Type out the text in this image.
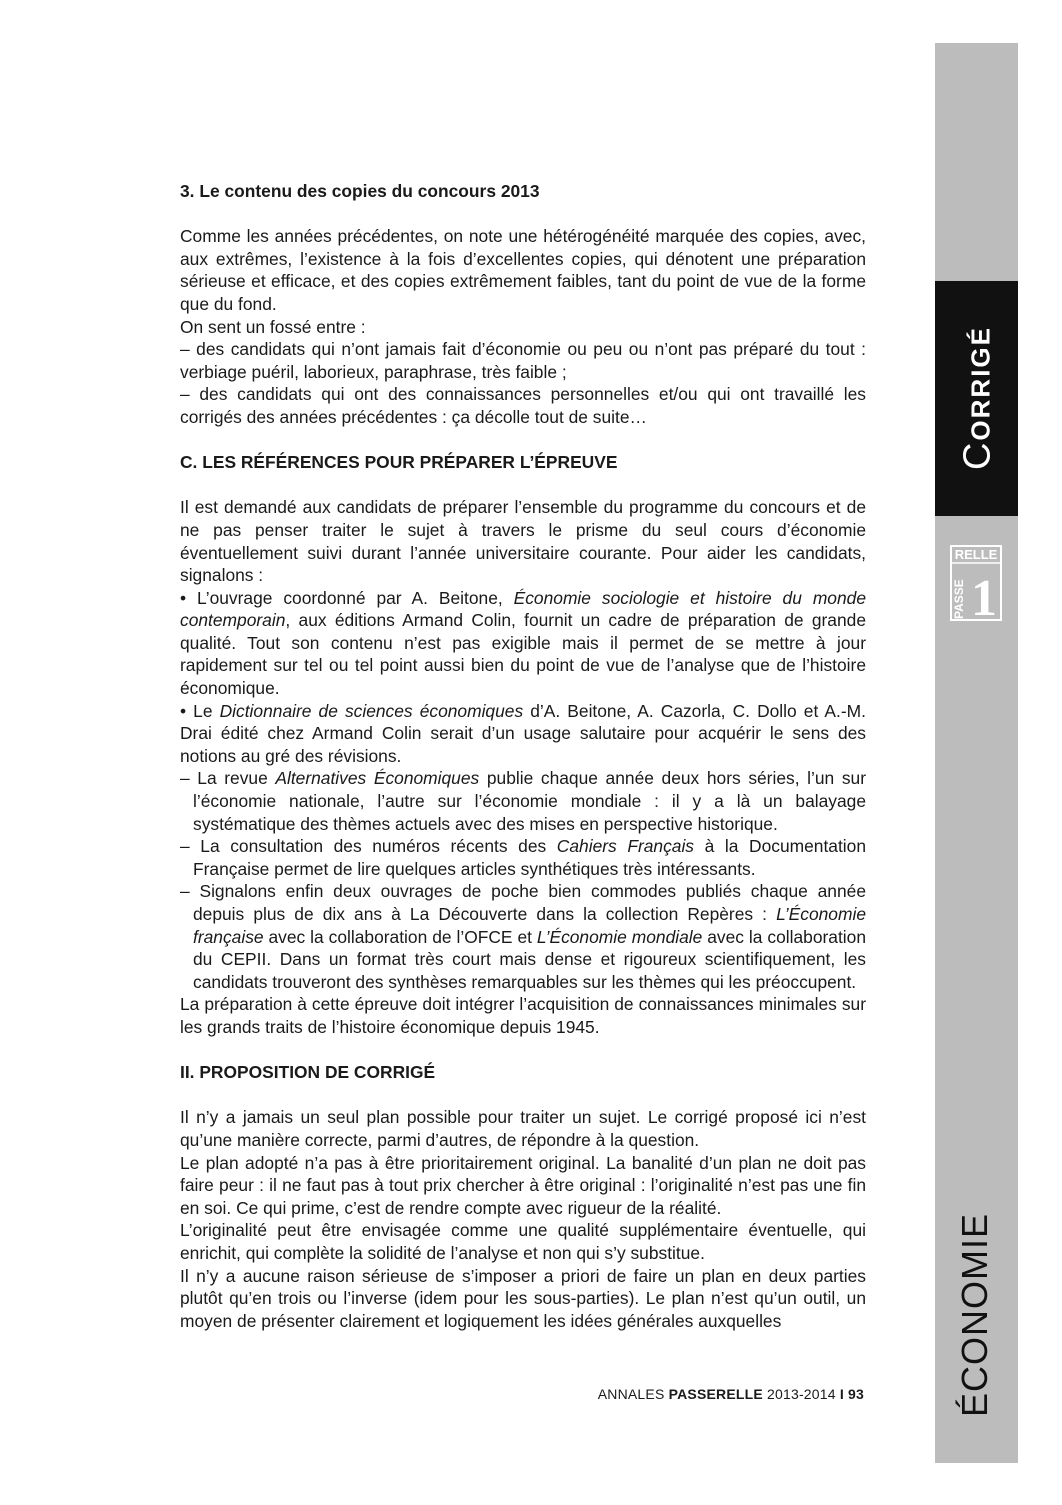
CORRIGÉ
RELLE
PASSE 1
ÉCONOMIE
3. Le contenu des copies du concours 2013

Comme les années précédentes, on note une hétérogénéité marquée des copies, avec, aux extrêmes, l’existence à la fois d’excellentes copies, qui dénotent une préparation sérieuse et efficace, et des copies extrêmement faibles, tant du point de vue de la forme que du fond.

On sent un fossé entre :

– des candidats qui n’ont jamais fait d’économie ou peu ou n’ont pas préparé du tout : verbiage puéril, laborieux, paraphrase, très faible ;

– des candidats qui ont des connaissances personnelles et/ou qui ont travaillé les corrigés des années précédentes : ça décolle tout de suite…

C. LES RÉFÉRENCES POUR PRÉPARER L’ÉPREUVE

Il est demandé aux candidats de préparer l’ensemble du programme du concours et de ne pas penser traiter le sujet à travers le prisme du seul cours d’économie éventuellement suivi durant l’année universitaire courante. Pour aider les candidats, signalons :

• L’ouvrage coordonné par A. Beitone, Économie sociologie et histoire du monde contemporain, aux éditions Armand Colin, fournit un cadre de préparation de grande qualité. Tout son contenu n’est pas exigible mais il permet de se mettre à jour rapidement sur tel ou tel point aussi bien du point de vue de l’analyse que de l’histoire économique.

• Le Dictionnaire de sciences économiques d’A. Beitone, A. Cazorla, C. Dollo et A.-M. Drai édité chez Armand Colin serait d’un usage salutaire pour acquérir le sens des notions au gré des révisions.

– La revue Alternatives Économiques publie chaque année deux hors séries, l’un sur l’économie nationale, l’autre sur l’économie mondiale : il y a là un balayage systématique des thèmes actuels avec des mises en perspective historique.

– La consultation des numéros récents des Cahiers Français à la Documentation Française permet de lire quelques articles synthétiques très intéressants.

– Signalons enfin deux ouvrages de poche bien commodes publiés chaque année depuis plus de dix ans à La Découverte dans la collection Repères : L’Économie française avec la collaboration de l’OFCE et L’Économie mondiale avec la collaboration du CEPII. Dans un format très court mais dense et rigoureux scientifiquement, les candidats trouveront des synthèses remarquables sur les thèmes qui les préoccupent.

La préparation à cette épreuve doit intégrer l’acquisition de connaissances minimales sur les grands traits de l’histoire économique depuis 1945.

II. PROPOSITION DE CORRIGÉ

Il n’y a jamais un seul plan possible pour traiter un sujet. Le corrigé proposé ici n’est qu’une manière correcte, parmi d’autres, de répondre à la question.

Le plan adopté n’a pas à être prioritairement original. La banalité d’un plan ne doit pas faire peur : il ne faut pas à tout prix chercher à être original : l’originalité n’est pas une fin en soi. Ce qui prime, c’est de rendre compte avec rigueur de la réalité.

L’originalité peut être envisagée comme une qualité supplémentaire éventuelle, qui enrichit, qui complète la solidité de l’analyse et non qui s’y substitue.

Il n’y a aucune raison sérieuse de s’imposer a priori de faire un plan en deux parties plutôt qu’en trois ou l’inverse (idem pour les sous-parties). Le plan n’est qu’un outil, un moyen de présenter clairement et logiquement les idées générales auxquelles

ANNALES PASSERELLE 2013-2014 I 93
